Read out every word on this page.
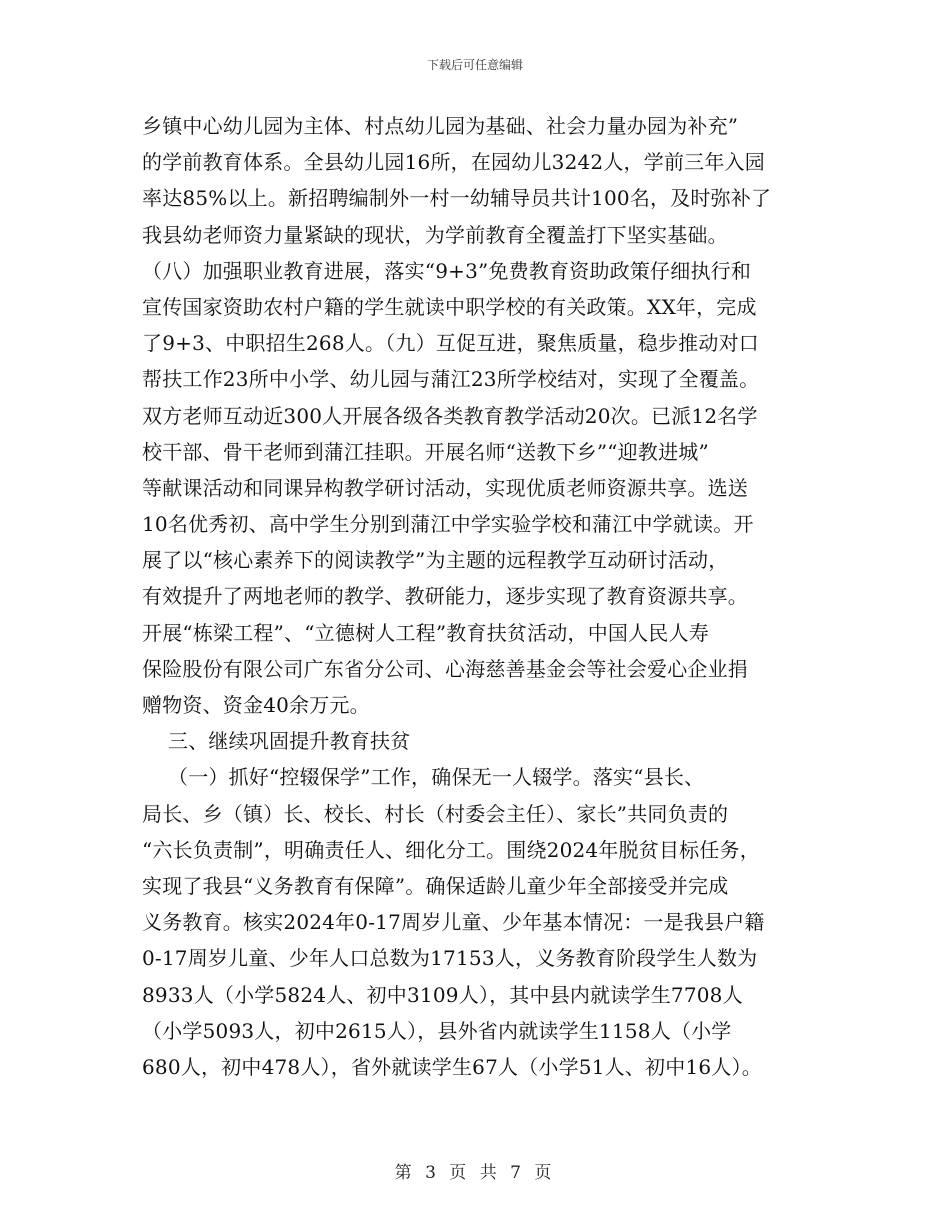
下载后可任意编辑
乡镇中心幼儿园为主体、村点幼儿园为基础、社会力量办园为补充”
的学前教育体系。全县幼儿园16所，在园幼儿3242人，学前三年入园
率达85%以上。新招聘编制外一村一幼辅导员共计100名，及时弥补了
我县幼老师资力量紧缺的现状，为学前教育全覆盖打下坚实基础。
（八）加强职业教育进展，落实“9+3”免费教育资助政策仔细执行和
宣传国家资助农村户籍的学生就读中职学校的有关政策。XX年，完成
了9+3、中职招生268人。（九）互促互进，聚焦质量，稳步推动对口
帮扶工作23所中小学、幼儿园与蒲江23所学校结对，实现了全覆盖。
双方老师互动近300人开展各级各类教育教学活动20次。已派12名学
校干部、骨干老师到蒲江挂职。开展名师“送教下乡”“迎教进城”
等献课活动和同课异构教学研讨活动，实现优质老师资源共享。选送
10名优秀初、高中学生分别到蒲江中学实验学校和蒲江中学就读。开
展了以“核心素养下的阅读教学”为主题的远程教学互动研讨活动，
有效提升了两地老师的教学、教研能力，逐步实现了教育资源共享。
开展“栋梁工程”、“立德树人工程”教育扶贫活动，中国人民人寿
保险股份有限公司广东省分公司、心海慈善基金会等社会爱心企业捐
赠物资、资金40余万元。
三、继续巩固提升教育扶贫
（一）抓好“控辍保学”工作，确保无一人辍学。落实“县长、
局长、乡（镇）长、校长、村长（村委会主任）、家长”共同负责的
“六长负责制”，明确责任人、细化分工。围绕2024年脱贫目标任务，
实现了我县“义务教育有保障”。确保适龄儿童少年全部接受并完成
义务教育。核实2024年0-17周岁儿童、少年基本情况：一是我县户籍
0-17周岁儿童、少年人口总数为17153人，义务教育阶段学生人数为
8933人（小学5824人、初中3109人），其中县内就读学生7708人
（小学5093人，初中2615人），县外省内就读学生1158人（小学
680人，初中478人），省外就读学生67人（小学51人、初中16人）。
第 3 页 共 7 页
